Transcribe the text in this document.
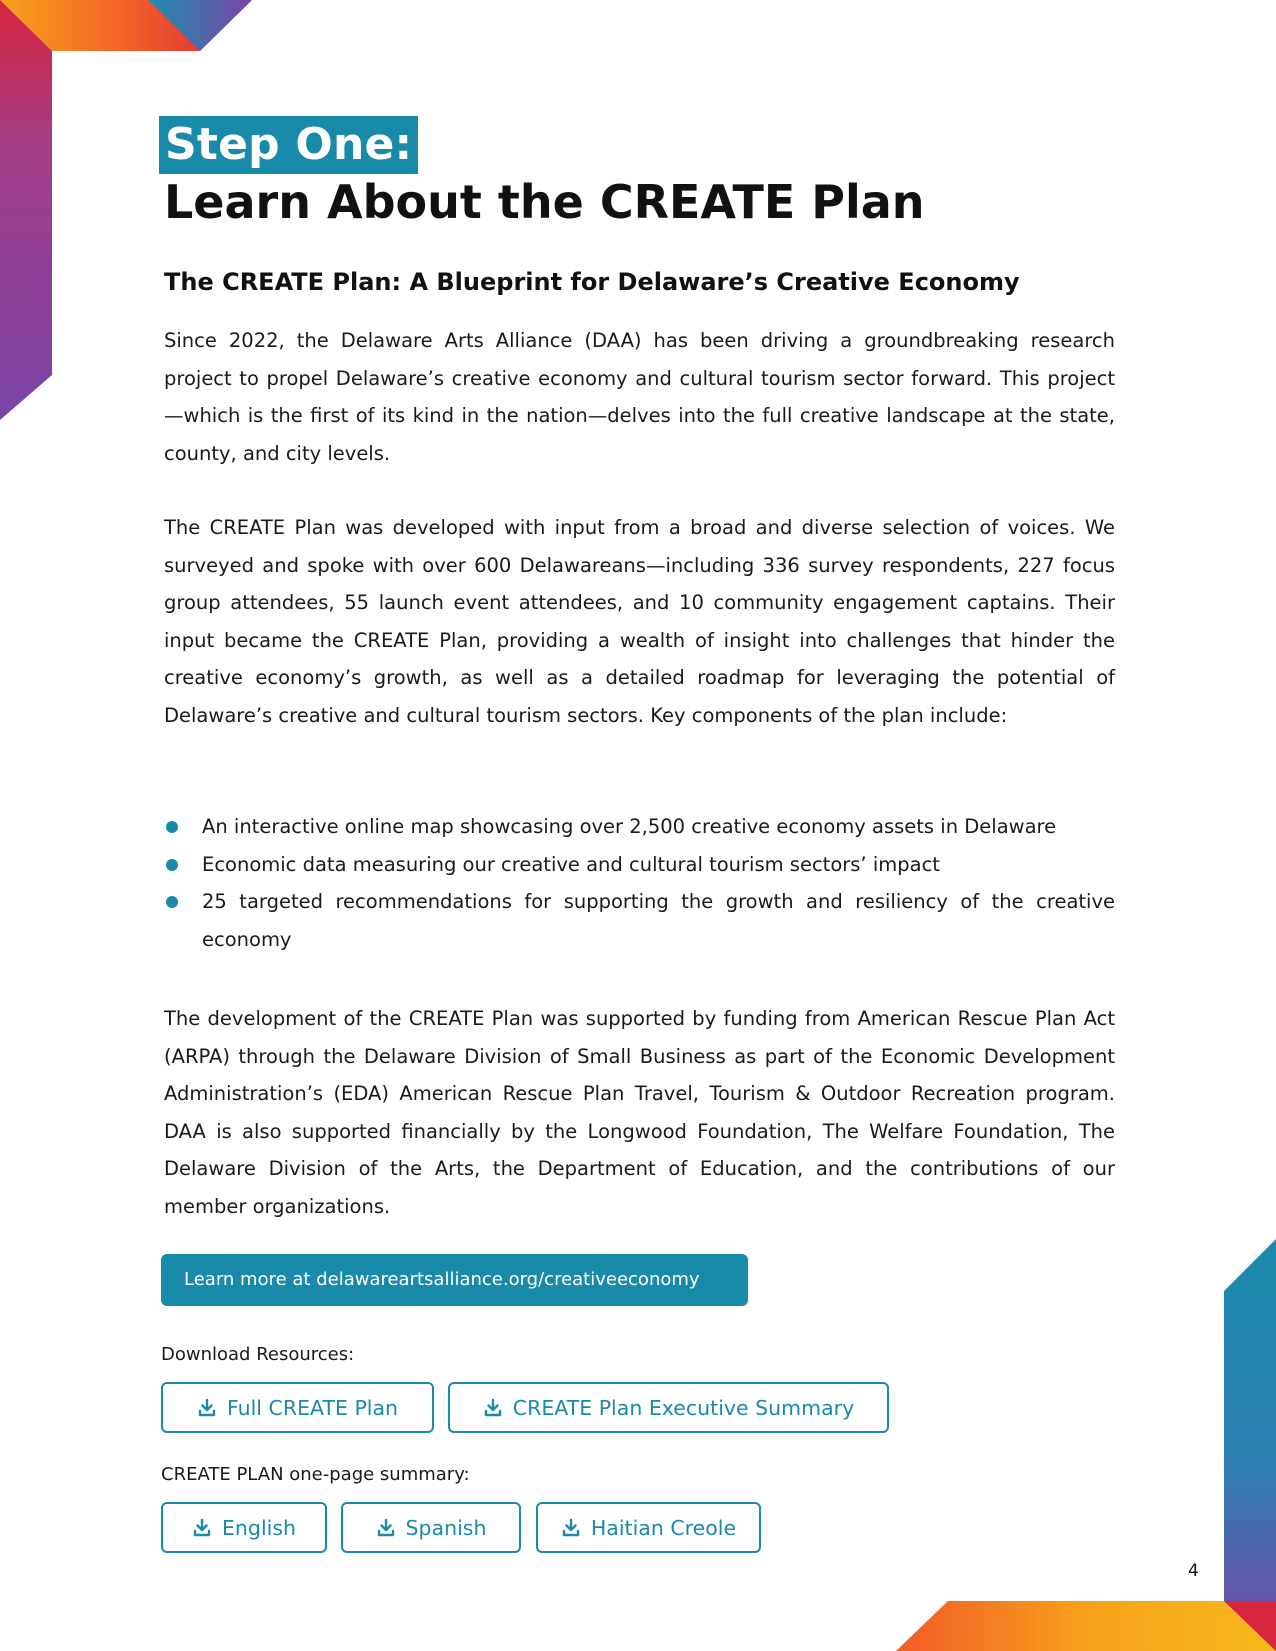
Step One:
Learn About the CREATE Plan
The CREATE Plan: A Blueprint for Delaware’s Creative Economy

Since 2022, the Delaware Arts Alliance (DAA) has been driving a groundbreaking research project to propel Delaware’s creative economy and cultural tourism sector forward. This project—which is the first of its kind in the nation—delves into the full creative landscape at the state, county, and city levels.

The CREATE Plan was developed with input from a broad and diverse selection of voices. We surveyed and spoke with over 600 Delawareans—including 336 survey respondents, 227 focus group attendees, 55 launch event attendees, and 10 community engagement captains. Their input became the CREATE Plan, providing a wealth of insight into challenges that hinder the creative economy’s growth, as well as a detailed roadmap for leveraging the potential of Delaware’s creative and cultural tourism sectors. Key components of the plan include:

An interactive online map showcasing over 2,500 creative economy assets in Delaware
Economic data measuring our creative and cultural tourism sectors’ impact
25 targeted recommendations for supporting the growth and resiliency of the creative economy

The development of the CREATE Plan was supported by funding from American Rescue Plan Act (ARPA) through the Delaware Division of Small Business as part of the Economic Development Administration’s (EDA) American Rescue Plan Travel, Tourism & Outdoor Recreation program. DAA is also supported financially by the Longwood Foundation, The Welfare Foundation, The Delaware Division of the Arts, the Department of Education, and the contributions of our member organizations.

Learn more at delawareartsalliance.org/creativeeconomy
Download Resources:
Full CREATE Plan	CREATE Plan Executive Summary
CREATE PLAN one-page summary:
English	Spanish	Haitian Creole
4
